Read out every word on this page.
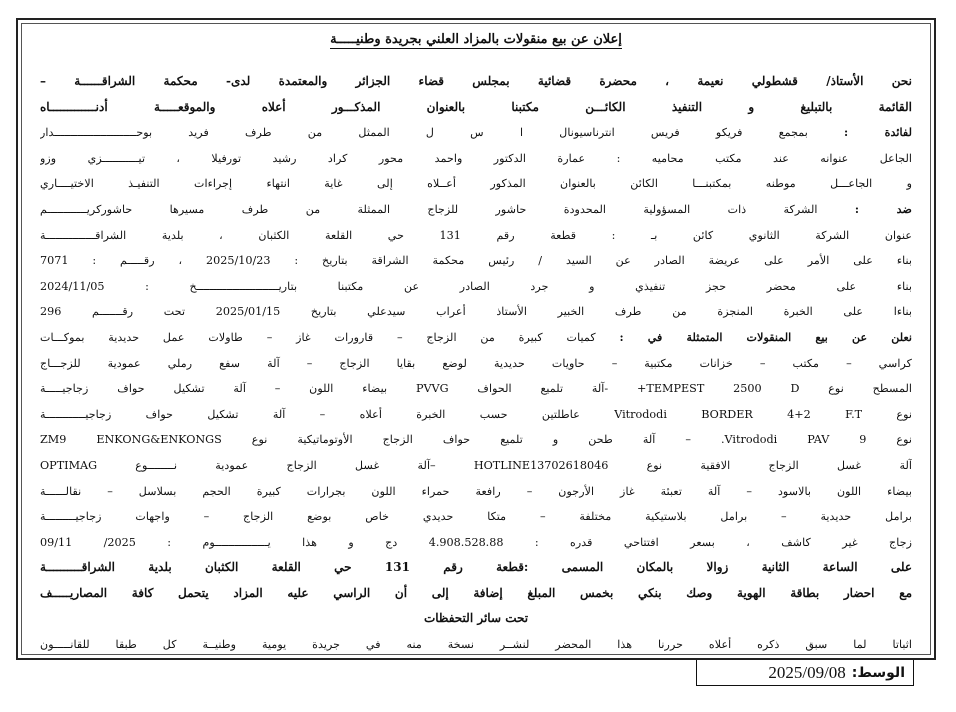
إعلان عن بيع منقولات بالمزاد العلني بجريدة وطنيـــــة
نحن الأستاذ/ قشطولي نعيمة ، محضرة قضائية بمجلس قضاء الجزائر والمعتمدة لدى- محكمة الشراقــــــة –
القائمة بالتبليغ و التنفيذ الكائـــن مكتبنا بالعنوان المذكـــور أعلاه والموقعـــــة أدنـــــــــــــاه
لفائدة : بمجمع فريكو فريس انترناسيونال ا س ل الممثل من طرف فريد بوحـــــــــــــــــــــــــدار
الجاعل عنوانه عند مكتب محاميه : عمارة الدكتور واحمد محور كراد رشيد تورفيلا ، تيـــــــــــزي وزو
و الجاعـــل موطنه بمكتبنـــا الكائن بالعنوان المذكور أعــلاه إلى غاية انتهاء إجراءات التنفيـذ الاختيــــاري
ضد : الشركة ذات المسؤولية المحدودة حاشور للزجاج الممثلة من طرف مسيرها حاشوركريــــــــــــم
عنوان الشركة الثانوي كائن بـ : قطعة رقم 131 حي القلعة الكثبان ، بلدية الشراقـــــــــــــــة
بناء على الأمر على عريضة الصادر عن السيد / رئيس محكمة الشراقة بتاريخ : 2025/10/23 ، رقـــــم : 7071
بناء على محضر حجز تنفيذي و جرد الصادر عن مكتبنا بتاريـــــــــــــــــــــــــخ : 2024/11/05
بناءا على الخبرة المنجزة من طرف الخبير الأستاذ أعراب سيدعلي بتاريخ 2025/01/15 تحت رقـــــــم 296
نعلن عن بيع المنقولات المتمثلة في : كميات كبيرة من الزجاج – قارورات غاز – طاولات عمل حديدية بموكـــات
كراسي – مكتب – خزانات مكتبية – حاويات حديدية لوضع بقايا الزجاج – آلة سفع رملي عمودية للزجـــاج
المسطح نوع TEMPEST 2500 D+ -آلة تلميع الحواف PVVG بيضاء اللون – آلة تشكيل حواف زجاجيـــــة
نوع Vitrododi BORDER 4+2 F.T عاطلتين حسب الخبرة أعلاه – آلة تشكيل حواف زجاجيــــــــــــة
نوع Vitrododi PAV 9. – آلة طحن و تلميع حواف الزجاج الأوتوماتيكية نوع ZM9 ENKONG&ENKONGS
آلة غسل الزجاج الافقية نوع HOTLINE13702618046 –آلة غسل الزجاج عمودية نــــــــوع OPTIMAG
بيضاء اللون بالاسود – آلة تعبئة غاز الأرجون – رافعة حمراء اللون بجرارات كبيرة الحجم بسلاسل – نقالــــــة
برامل حديدية – برامل بلاستيكية مختلفة – متكا حديدي خاص بوضع الزجاج – واجهات زجاجيـــــــــة
زجاج غير كاشف ، بسعر افتتاحي قدره : 4.908.528.88 دج و هذا يــــــــــــــــوم : 2025/ 09/11
على الساعة الثانية زوالا بالمكان المسمى :قطعة رقم 131 حي القلعة الكثبان بلدية الشراقــــــــــة
مع احضار بطاقة الهوية وصك بنكي بخمس المبلغ إضافة إلى أن الراسي عليه المزاد يتحمل كافة المصاريـــــف
تحت سائر التحفظات
اثباتا لما سبق ذكره أعلاه حررنا هذا المحضر لنشــر نسخة منه في جريدة يومية وطنيــة كل طبقا للقانـــــون
الوسط:
2025/09/08
